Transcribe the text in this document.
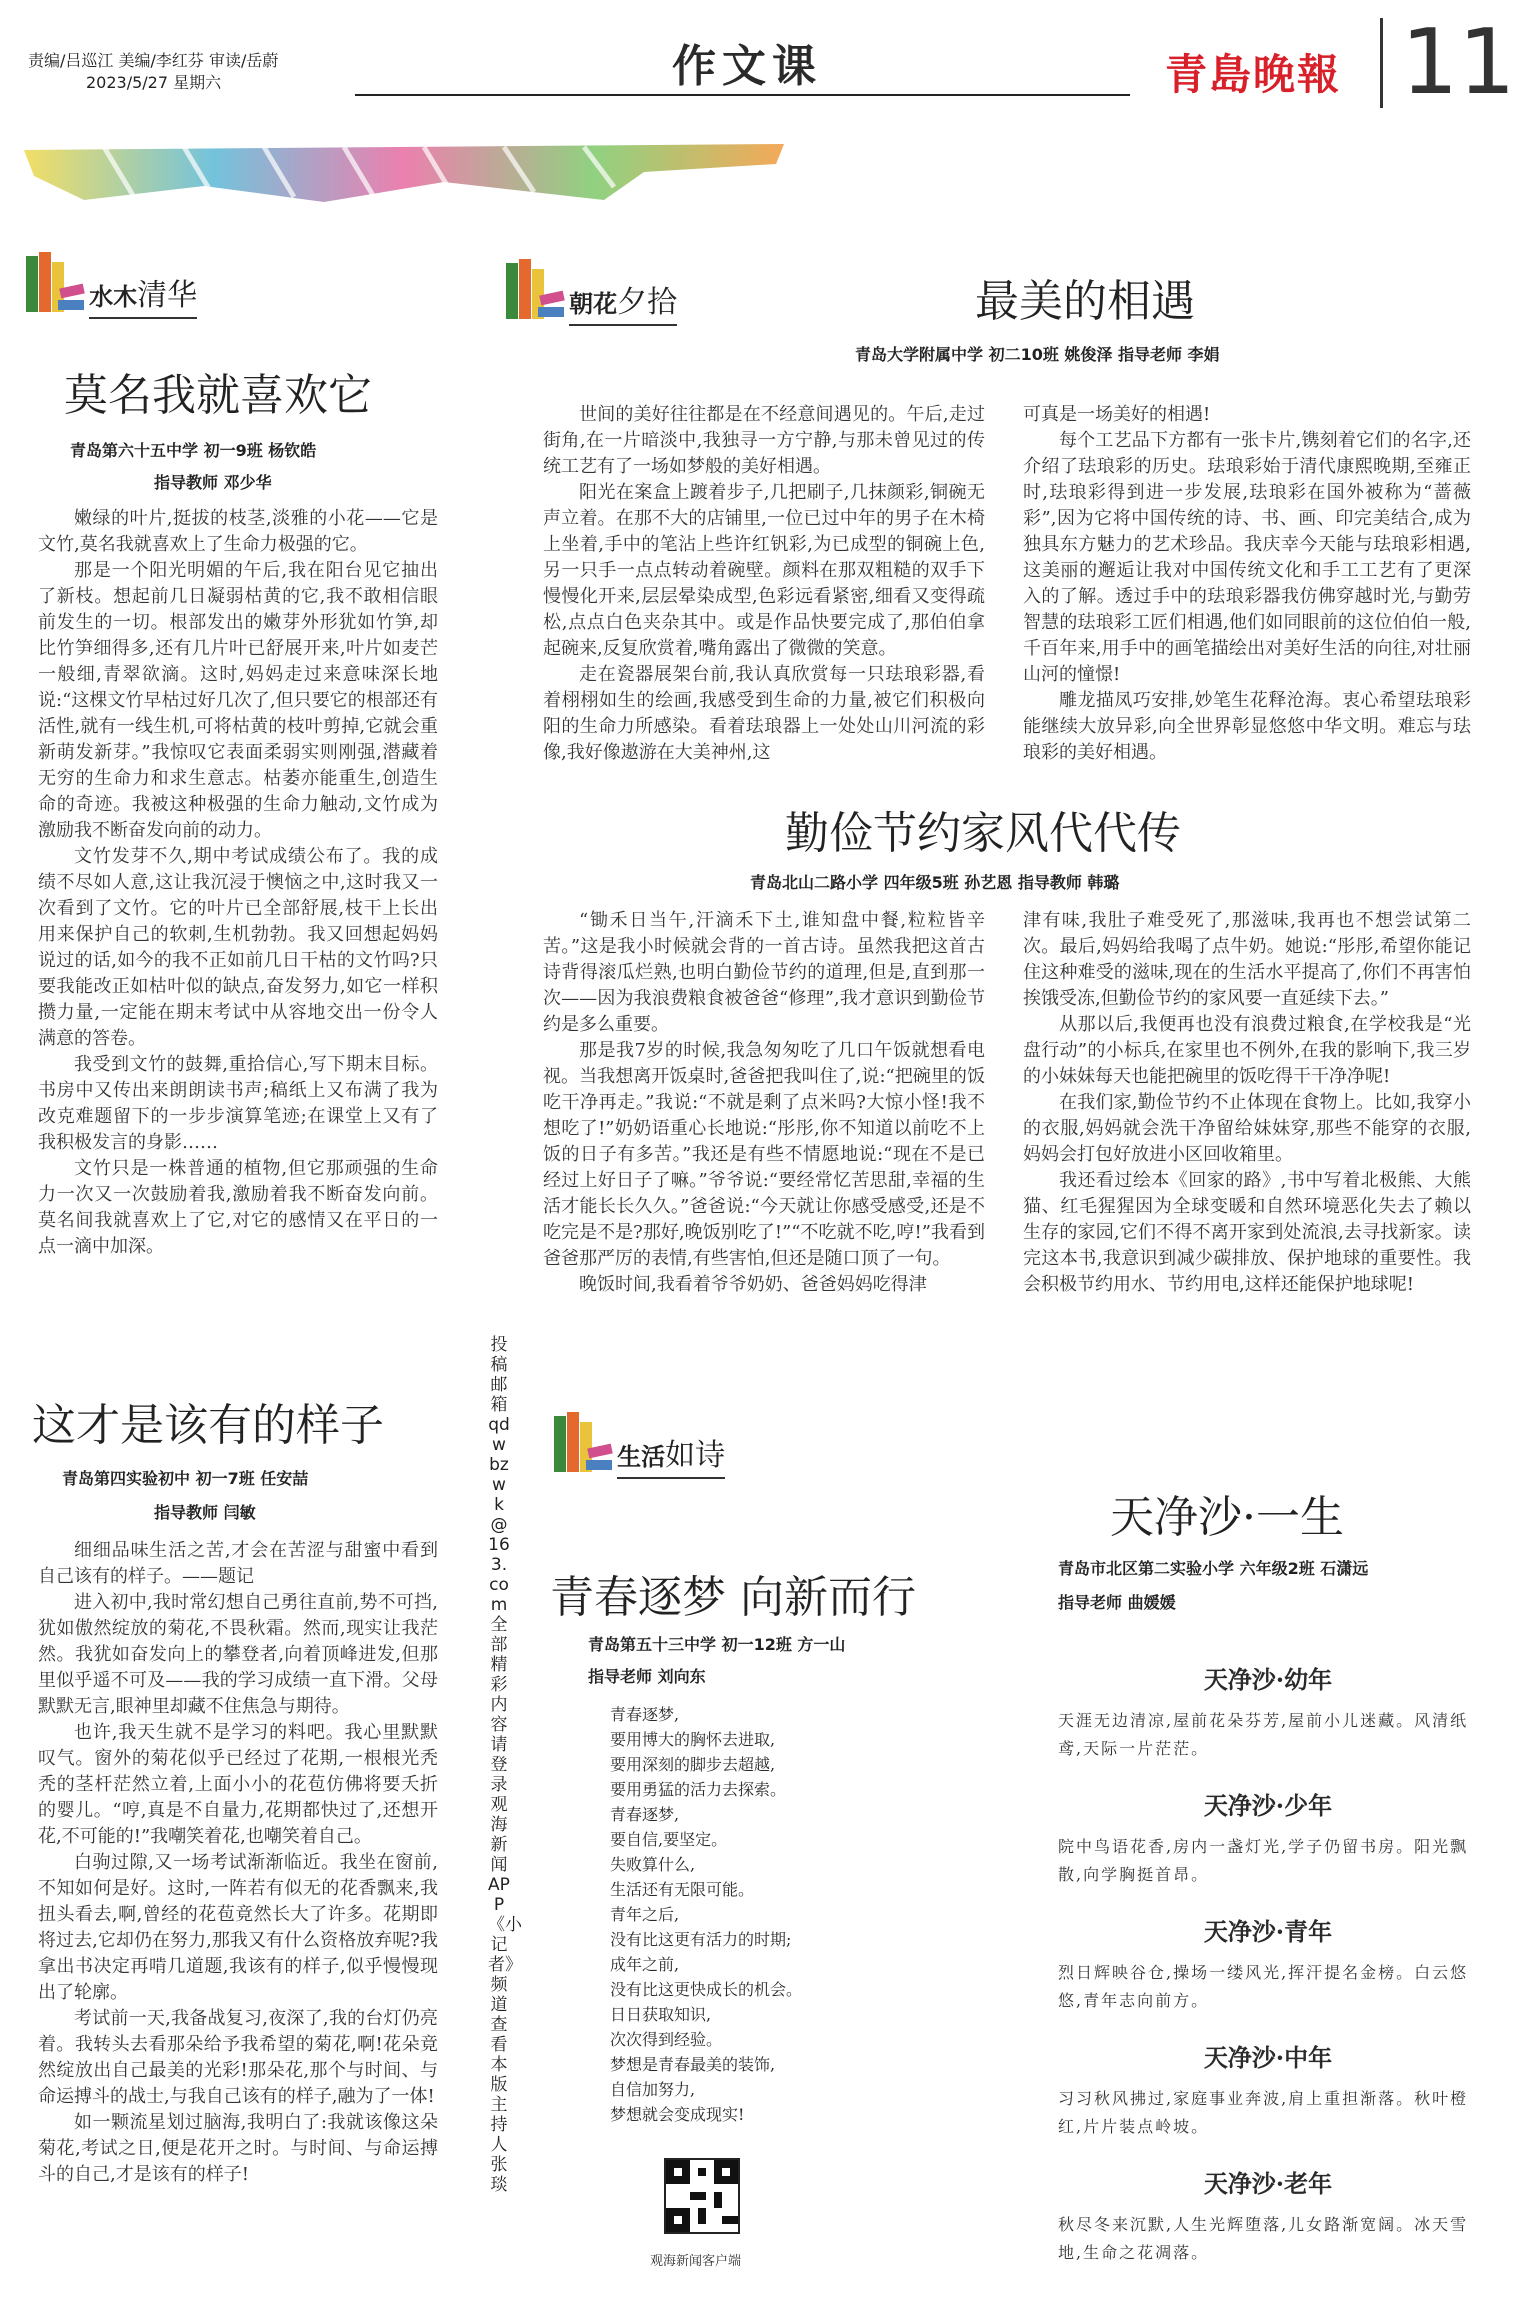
责编/吕巡江 美编/李红芬 审读/岳蔚
2023/5/27 星期六	作文课	青島晚報 11
水木清华
莫名我就喜欢它
青岛第六十五中学 初一9班 杨钦皓
指导教师 邓少华

嫩绿的叶片,挺拔的枝茎,淡雅的小花——它是文竹,莫名我就喜欢上了生命力极强的它。

那是一个阳光明媚的午后,我在阳台见它抽出了新枝。想起前几日凝弱枯黄的它,我不敢相信眼前发生的一切。根部发出的嫩芽外形犹如竹笋,却比竹笋细得多,还有几片叶已舒展开来,叶片如麦芒一般细,青翠欲滴。这时,妈妈走过来意味深长地说:“这棵文竹早枯过好几次了,但只要它的根部还有活性,就有一线生机,可将枯黄的枝叶剪掉,它就会重新萌发新芽。”我惊叹它表面柔弱实则刚强,潜藏着无穷的生命力和求生意志。枯萎亦能重生,创造生命的奇迹。我被这种极强的生命力触动,文竹成为激励我不断奋发向前的动力。

文竹发芽不久,期中考试成绩公布了。我的成绩不尽如人意,这让我沉浸于懊恼之中,这时我又一次看到了文竹。它的叶片已全部舒展,枝干上长出用来保护自己的软刺,生机勃勃。我又回想起妈妈说过的话,如今的我不正如前几日干枯的文竹吗?只要我能改正如枯叶似的缺点,奋发努力,如它一样积攒力量,一定能在期末考试中从容地交出一份令人满意的答卷。

我受到文竹的鼓舞,重拾信心,写下期末目标。书房中又传出来朗朗读书声;稿纸上又布满了我为改克难题留下的一步步演算笔迹;在课堂上又有了我积极发言的身影……

文竹只是一株普通的植物,但它那顽强的生命力一次又一次鼓励着我,激励着我不断奋发向前。莫名间我就喜欢上了它,对它的感情又在平日的一点一滴中加深。

这才是该有的样子
青岛第四实验初中 初一7班 任安喆
指导教师 闫敏

细细品味生活之苦,才会在苦涩与甜蜜中看到自己该有的样子。——题记

进入初中,我时常幻想自己勇往直前,势不可挡,犹如傲然绽放的菊花,不畏秋霜。然而,现实让我茫然。我犹如奋发向上的攀登者,向着顶峰进发,但那里似乎遥不可及——我的学习成绩一直下滑。父母默默无言,眼神里却藏不住焦急与期待。

也许,我天生就不是学习的料吧。我心里默默叹气。窗外的菊花似乎已经过了花期,一根根光秃秃的茎杆茫然立着,上面小小的花苞仿佛将要夭折的婴儿。“哼,真是不自量力,花期都快过了,还想开花,不可能的!”我嘲笑着花,也嘲笑着自己。

白驹过隙,又一场考试渐渐临近。我坐在窗前,不知如何是好。这时,一阵若有似无的花香飘来,我扭头看去,啊,曾经的花苞竟然长大了许多。花期即将过去,它却仍在努力,那我又有什么资格放弃呢?我拿出书决定再啃几道题,我该有的样子,似乎慢慢现出了轮廓。

考试前一天,我备战复习,夜深了,我的台灯仍亮着。我转头去看那朵给予我希望的菊花,啊!花朵竟然绽放出自己最美的光彩!那朵花,那个与时间、与命运搏斗的战士,与我自己该有的样子,融为了一体!

如一颗流星划过脑海,我明白了:我就该像这朵菊花,考试之日,便是花开之时。与时间、与命运搏斗的自己,才是该有的样子!

投稿邮箱 qdwbzwk@163.com 全部精彩内容请登录观海新闻APP《小记者》频道查看 本版主持人 张琰
朝花夕拾	最美的相遇
青岛大学附属中学 初二10班 姚俊泽 指导老师 李娟

世间的美好往往都是在不经意间遇见的。午后,走过街角,在一片暗淡中,我独寻一方宁静,与那未曾见过的传统工艺有了一场如梦般的美好相遇。

阳光在案盒上踱着步子,几把刷子,几抹颜彩,铜碗无声立着。在那不大的店铺里,一位已过中年的男子在木椅上坐着,手中的笔沾上些许红钒彩,为已成型的铜碗上色,另一只手一点点转动着碗壁。颜料在那双粗糙的双手下慢慢化开来,层层晕染成型,色彩远看紧密,细看又变得疏松,点点白色夹杂其中。或是作品快要完成了,那伯伯拿起碗来,反复欣赏着,嘴角露出了微微的笑意。

走在瓷器展架台前,我认真欣赏每一只珐琅彩器,看着栩栩如生的绘画,我感受到生命的力量,被它们积极向阳的生命力所感染。看着珐琅器上一处处山川河流的彩像,我好像遨游在大美神州,这

可真是一场美好的相遇!

每个工艺品下方都有一张卡片,镌刻着它们的名字,还介绍了珐琅彩的历史。珐琅彩始于清代康熙晚期,至雍正时,珐琅彩得到进一步发展,珐琅彩在国外被称为“蔷薇彩”,因为它将中国传统的诗、书、画、印完美结合,成为独具东方魅力的艺术珍品。我庆幸今天能与珐琅彩相遇,这美丽的邂逅让我对中国传统文化和手工工艺有了更深入的了解。透过手中的珐琅彩器我仿佛穿越时光,与勤劳智慧的珐琅彩工匠们相遇,他们如同眼前的这位伯伯一般,千百年来,用手中的画笔描绘出对美好生活的向往,对壮丽山河的憧憬!

雕龙描凤巧安排,妙笔生花释沧海。衷心希望珐琅彩能继续大放异彩,向全世界彰显悠悠中华文明。难忘与珐琅彩的美好相遇。

勤俭节约家风代代传
青岛北山二路小学 四年级5班 孙艺恩 指导教师 韩璐

“锄禾日当午,汗滴禾下土,谁知盘中餐,粒粒皆辛苦。”这是我小时候就会背的一首古诗。虽然我把这首古诗背得滚瓜烂熟,也明白勤俭节约的道理,但是,直到那一次——因为我浪费粮食被爸爸“修理”,我才意识到勤俭节约是多么重要。

那是我7岁的时候,我急匆匆吃了几口午饭就想看电视。当我想离开饭桌时,爸爸把我叫住了,说:“把碗里的饭吃干净再走。”我说:“不就是剩了点米吗?大惊小怪!我不想吃了!”奶奶语重心长地说:“彤彤,你不知道以前吃不上饭的日子有多苦。”我还是有些不情愿地说:“现在不是已经过上好日子了嘛。”爷爷说:“要经常忆苦思甜,幸福的生活才能长长久久。”爸爸说:“今天就让你感受感受,还是不吃完是不是?那好,晚饭别吃了!”“不吃就不吃,哼!”我看到爸爸那严厉的表情,有些害怕,但还是随口顶了一句。

晚饭时间,我看着爷爷奶奶、爸爸妈妈吃得津

津有味,我肚子难受死了,那滋味,我再也不想尝试第二次。最后,妈妈给我喝了点牛奶。她说:“彤彤,希望你能记住这种难受的滋味,现在的生活水平提高了,你们不再害怕挨饿受冻,但勤俭节约的家风要一直延续下去。”

从那以后,我便再也没有浪费过粮食,在学校我是“光盘行动”的小标兵,在家里也不例外,在我的影响下,我三岁的小妹妹每天也能把碗里的饭吃得干干净净呢!

在我们家,勤俭节约不止体现在食物上。比如,我穿小的衣服,妈妈就会洗干净留给妹妹穿,那些不能穿的衣服,妈妈会打包好放进小区回收箱里。

我还看过绘本《回家的路》,书中写着北极熊、大熊猫、红毛猩猩因为全球变暖和自然环境恶化失去了赖以生存的家园,它们不得不离开家到处流浪,去寻找新家。读完这本书,我意识到减少碳排放、保护地球的重要性。我会积极节约用水、节约用电,这样还能保护地球呢!

生活如诗
青春逐梦 向新而行
青岛第五十三中学 初一12班 方一山
指导老师 刘向东

青春逐梦,

要用博大的胸怀去进取,

要用深刻的脚步去超越,

要用勇猛的活力去探索。

青春逐梦,

要自信,要坚定。

失败算什么,

生活还有无限可能。

青年之后,

没有比这更有活力的时期;

成年之前,

没有比这更快成长的机会。

日日获取知识,

次次得到经验。

梦想是青春最美的装饰,

自信加努力,

梦想就会变成现实!

观海新闻客户端
天净沙·一生
青岛市北区第二实验小学 六年级2班 石潇远
指导老师 曲媛媛
天净沙·幼年
天涯无边清凉,屋前花朵芬芳,屋前小儿迷藏。风清纸鸢,天际一片茫茫。
天净沙·少年
院中鸟语花香,房内一盏灯光,学子仍留书房。阳光飘散,向学胸挺首昂。
天净沙·青年
烈日辉映谷仓,操场一缕风光,挥汗提名金榜。白云悠悠,青年志向前方。
天净沙·中年
习习秋风拂过,家庭事业奔波,肩上重担渐落。秋叶橙红,片片装点岭坡。
天净沙·老年
秋尽冬来沉默,人生光辉堕落,儿女路渐宽阔。冰天雪地,生命之花凋落。
